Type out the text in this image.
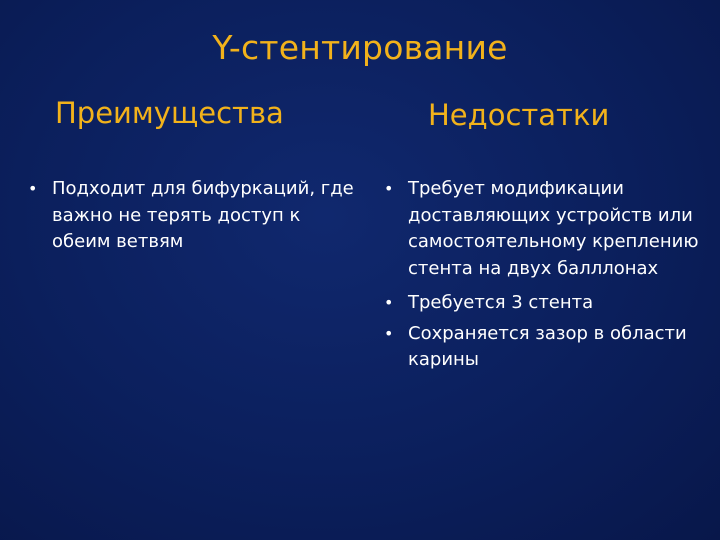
Y-стентирование
Преимущества	Недостатки
• Подходит для бифуркаций, где важно не терять доступ к обеим ветвям
• Требует модификации доставляющих устройств или самостоятельному креплению стента на двух балллонах
• Требуется 3 стента
• Сохраняется зазор в области карины
